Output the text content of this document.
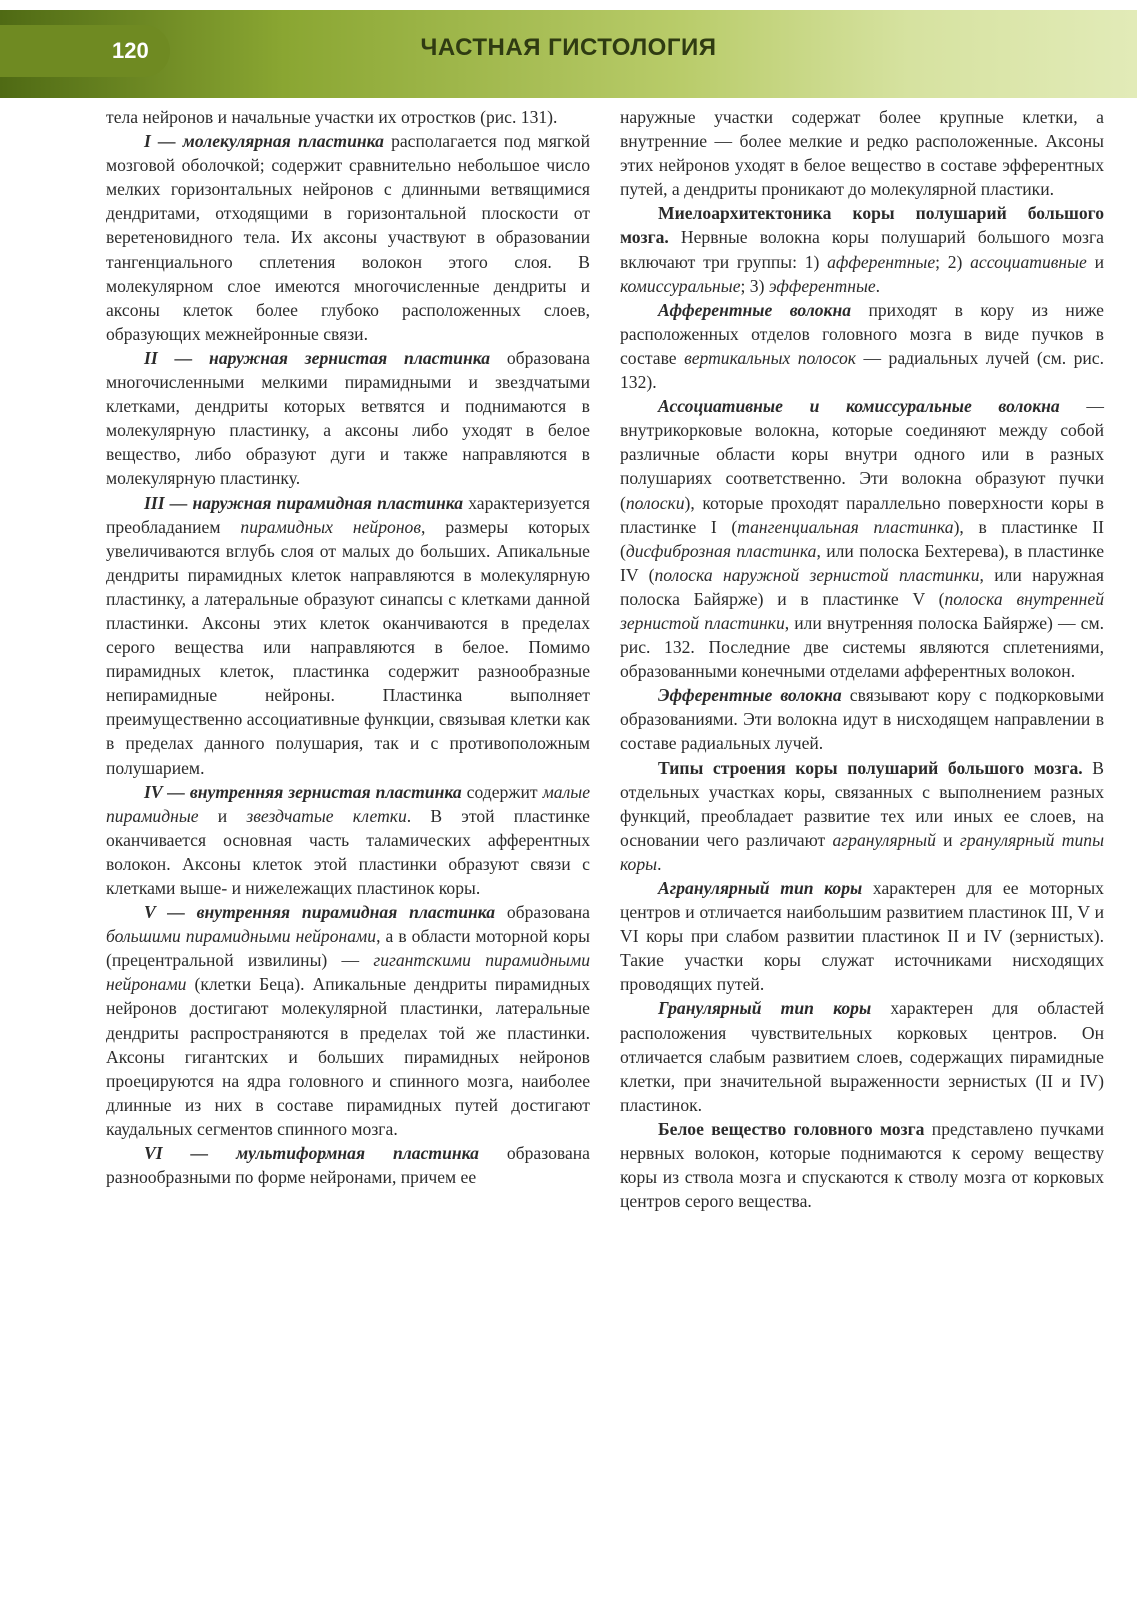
120	ЧАСТНАЯ ГИСТОЛОГИЯ

тела нейронов и начальные участки их отростков (рис. 131).

I — молекулярная пластинка располагается под мягкой мозговой оболочкой; содержит сравнительно небольшое число мелких горизонтальных нейронов с длинными ветвящимися дендритами, отходящими в горизонтальной плоскости от веретеновидного тела. Их аксоны участвуют в образовании тангенциального сплетения волокон этого слоя. В молекулярном слое имеются многочисленные дендриты и аксоны клеток более глубоко расположенных слоев, образующих межнейронные связи.

II — наружная зернистая пластинка образована многочисленными мелкими пирамидными и звездчатыми клетками, дендриты которых ветвятся и поднимаются в молекулярную пластинку, а аксоны либо уходят в белое вещество, либо образуют дуги и также направляются в молекулярную пластинку.

III — наружная пирамидная пластинка характеризуется преобладанием пирамидных нейронов, размеры которых увеличиваются вглубь слоя от малых до больших. Апикальные дендриты пирамидных клеток направляются в молекулярную пластинку, а латеральные образуют синапсы с клетками данной пластинки. Аксоны этих клеток оканчиваются в пределах серого вещества или направляются в белое. Помимо пирамидных клеток, пластинка содержит разнообразные непирамидные нейроны. Пластинка выполняет преимущественно ассоциативные функции, связывая клетки как в пределах данного полушария, так и с противоположным полушарием.

IV — внутренняя зернистая пластинка содержит малые пирамидные и звездчатые клетки. В этой пластинке оканчивается основная часть таламических афферентных волокон. Аксоны клеток этой пластинки образуют связи с клетками выше- и нижележащих пластинок коры.

V — внутренняя пирамидная пластинка образована большими пирамидными нейронами, а в области моторной коры (прецентральной извилины) — гигантскими пирамидными нейронами (клетки Беца). Апикальные дендриты пирамидных нейронов достигают молекулярной пластинки, латеральные дендриты распространяются в пределах той же пластинки. Аксоны гигантских и больших пирамидных нейронов проецируются на ядра головного и спинного мозга, наиболее длинные из них в составе пирамидных путей достигают каудальных сегментов спинного мозга.

VI — мультиформная пластинка образована разнообразными по форме нейронами, причем ее

наружные участки содержат более крупные клетки, а внутренние — более мелкие и редко расположенные. Аксоны этих нейронов уходят в белое вещество в составе эфферентных путей, а дендриты проникают до молекулярной пластики.

Миелоархитектоника коры полушарий большого мозга. Нервные волокна коры полушарий большого мозга включают три группы: 1) афферентные; 2) ассоциативные и комиссуральные; 3) эфферентные.

Афферентные волокна приходят в кору из ниже расположенных отделов головного мозга в виде пучков в составе вертикальных полосок — радиальных лучей (см. рис. 132).

Ассоциативные и комиссуральные волокна — внутрикорковые волокна, которые соединяют между собой различные области коры внутри одного или в разных полушариях соответственно. Эти волокна образуют пучки (полоски), которые проходят параллельно поверхности коры в пластинке I (тангенциальная пластинка), в пластинке II (дисфиброзная пластинка, или полоска Бехтерева), в пластинке IV (полоска наружной зернистой пластинки, или наружная полоска Байярже) и в пластинке V (полоска внутренней зернистой пластинки, или внутренняя полоска Байярже) — см. рис. 132. Последние две системы являются сплетениями, образованными конечными отделами афферентных волокон.

Эфферентные волокна связывают кору с подкорковыми образованиями. Эти волокна идут в нисходящем направлении в составе радиальных лучей.

Типы строения коры полушарий большого мозга. В отдельных участках коры, связанных с выполнением разных функций, преобладает развитие тех или иных ее слоев, на основании чего различают агранулярный и гранулярный типы коры.

Агранулярный тип коры характерен для ее моторных центров и отличается наибольшим развитием пластинок III, V и VI коры при слабом развитии пластинок II и IV (зернистых). Такие участки коры служат источниками нисходящих проводящих путей.

Гранулярный тип коры характерен для областей расположения чувствительных корковых центров. Он отличается слабым развитием слоев, содержащих пирамидные клетки, при значительной выраженности зернистых (II и IV) пластинок.

Белое вещество головного мозга представлено пучками нервных волокон, которые поднимаются к серому веществу коры из ствола мозга и спускаются к стволу мозга от корковых центров серого вещества.
